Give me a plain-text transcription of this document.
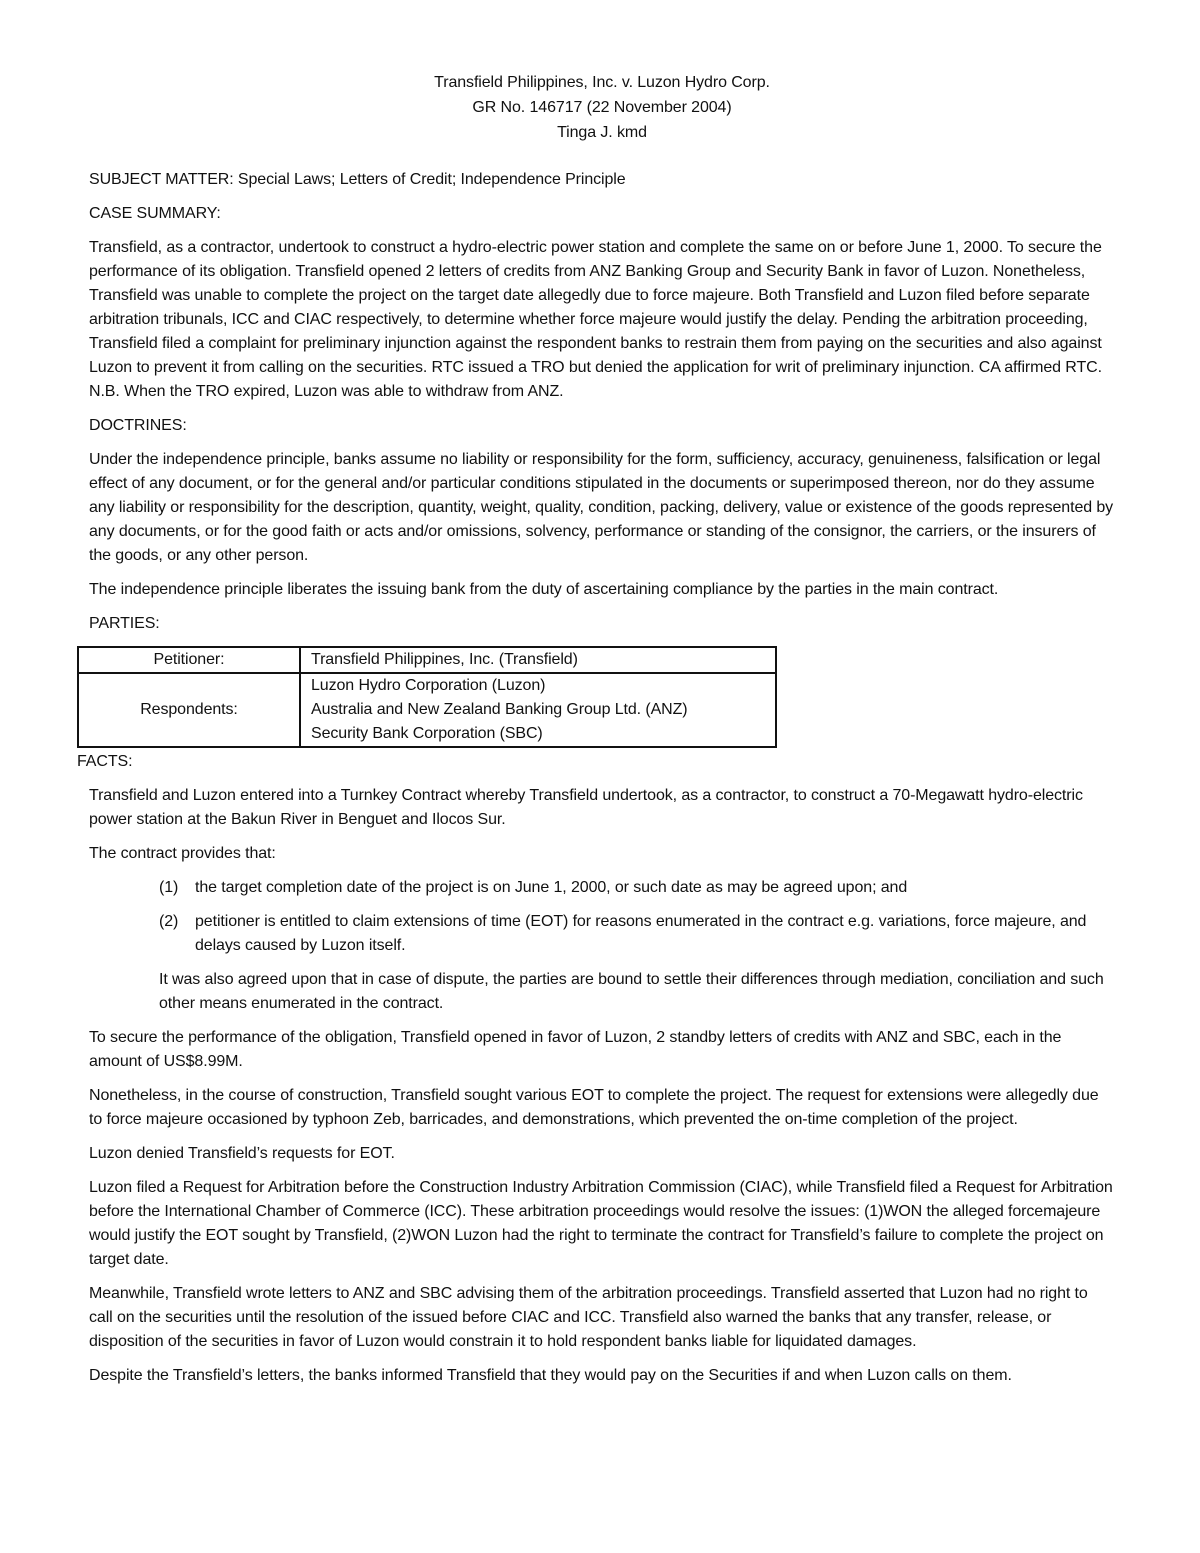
Transfield Philippines, Inc. v. Luzon Hydro Corp.

GR No. 146717 (22 November 2004)

Tinga J. kmd

SUBJECT MATTER: Special Laws; Letters of Credit; Independence Principle

CASE SUMMARY:

Transfield, as a contractor, undertook to construct a hydro-electric power station and complete the same on or before June 1, 2000. To secure the performance of its obligation. Transfield opened 2 letters of credits from ANZ Banking Group and Security Bank in favor of Luzon. Nonetheless, Transfield was unable to complete the project on the target date allegedly due to force majeure. Both Transfield and Luzon filed before separate arbitration tribunals, ICC and CIAC respectively, to determine whether force majeure would justify the delay. Pending the arbitration proceeding, Transfield filed a complaint for preliminary injunction against the respondent banks to restrain them from paying on the securities and also against Luzon to prevent it from calling on the securities. RTC issued a TRO but denied the application for writ of preliminary injunction. CA affirmed RTC. N.B. When the TRO expired, Luzon was able to withdraw from ANZ.

DOCTRINES:

Under the independence principle, banks assume no liability or responsibility for the form, sufficiency, accuracy, genuineness, falsification or legal effect of any document, or for the general and/or particular conditions stipulated in the documents or superimposed thereon, nor do they assume any liability or responsibility for the description, quantity, weight, quality, condition, packing, delivery, value or existence of the goods represented by any documents, or for the good faith or acts and/or omissions, solvency, performance or standing of the consignor, the carriers, or the insurers of the goods, or any other person.

The independence principle liberates the issuing bank from the duty of ascertaining compliance by the parties in the main contract.

PARTIES:

Petitioner:	Transfield Philippines, Inc. (Transfield)
Respondents:	Luzon Hydro Corporation (Luzon)
Australia and New Zealand Banking Group Ltd. (ANZ)
Security Bank Corporation (SBC)

FACTS:

Transfield and Luzon entered into a Turnkey Contract whereby Transfield undertook, as a contractor, to construct a 70-Megawatt hydro-electric power station at the Bakun River in Benguet and Ilocos Sur.

The contract provides that:

(1)	the target completion date of the project is on June 1, 2000, or such date as may be agreed upon; and
(2)	petitioner is entitled to claim extensions of time (EOT) for reasons enumerated in the contract e.g. variations, force majeure, and delays caused by Luzon itself.

It was also agreed upon that in case of dispute, the parties are bound to settle their differences through mediation, conciliation and such other means enumerated in the contract.

To secure the performance of the obligation, Transfield opened in favor of Luzon, 2 standby letters of credits with ANZ and SBC, each in the amount of US$8.99M.

Nonetheless, in the course of construction, Transfield sought various EOT to complete the project. The request for extensions were allegedly due to force majeure occasioned by typhoon Zeb, barricades, and demonstrations, which prevented the on-time completion of the project.

Luzon denied Transfield’s requests for EOT.

Luzon filed a Request for Arbitration before the Construction Industry Arbitration Commission (CIAC), while Transfield filed a Request for Arbitration before the International Chamber of Commerce (ICC). These arbitration proceedings would resolve the issues: (1)WON the alleged forcemajeure would justify the EOT sought by Transfield, (2)WON Luzon had the right to terminate the contract for Transfield’s failure to complete the project on target date.

Meanwhile, Transfield wrote letters to ANZ and SBC advising them of the arbitration proceedings. Transfield asserted that Luzon had no right to call on the securities until the resolution of the issued before CIAC and ICC. Transfield also warned the banks that any transfer, release, or disposition of the securities in favor of Luzon would constrain it to hold respondent banks liable for liquidated damages.

Despite the Transfield’s letters, the banks informed Transfield that they would pay on the Securities if and when Luzon calls on them.
